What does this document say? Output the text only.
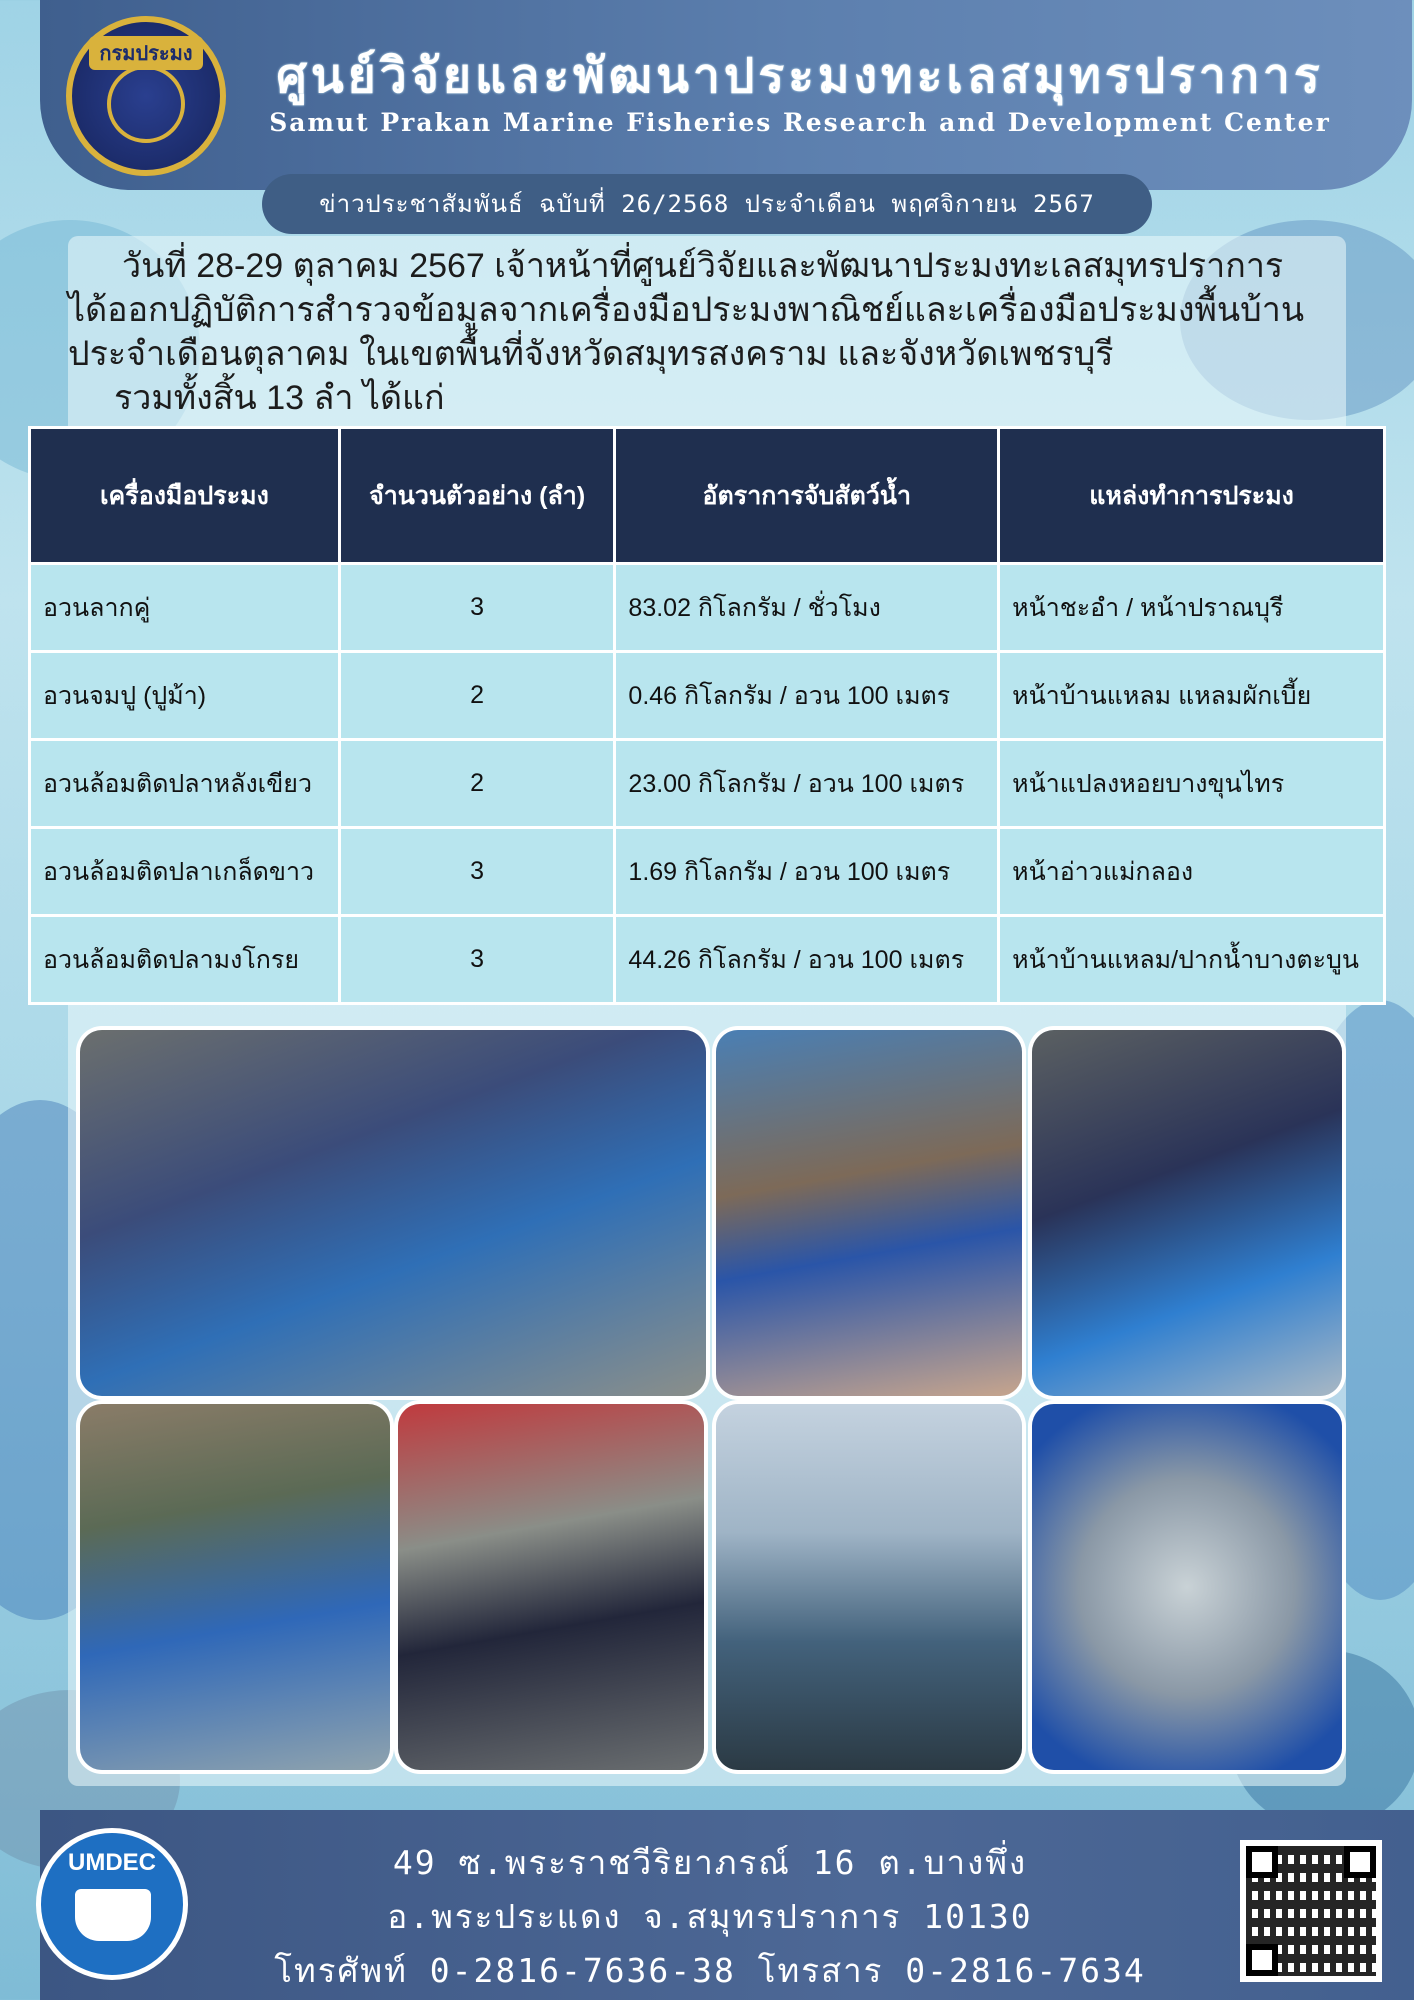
กรมประมง	ศูนย์วิจัยและพัฒนาประมงทะเลสมุทรปราการ
Samut Prakan Marine Fisheries Research and Development Center
ข่าวประชาสัมพันธ์ ฉบับที่ 26/2568 ประจำเดือน พฤศจิกายน 2567
วันที่ 28-29 ตุลาคม 2567 เจ้าหน้าที่ศูนย์วิจัยและพัฒนาประมงทะเลสมุทรปราการ
ได้ออกปฏิบัติการสำรวจข้อมูลจากเครื่องมือประมงพาณิชย์และเครื่องมือประมงพื้นบ้าน
ประจำเดือนตุลาคม ในเขตพื้นที่จังหวัดสมุทรสงคราม และจังหวัดเพชรบุรี
รวมทั้งสิ้น 13 ลำ ได้แก่
เครื่องมือประมง	จำนวนตัวอย่าง (ลำ)	อัตราการจับสัตว์น้ำ	แหล่งทำการประมง
อวนลากคู่	3	83.02 กิโลกรัม / ชั่วโมง	หน้าชะอำ / หน้าปราณบุรี
อวนจมปู (ปูม้า)	2	0.46 กิโลกรัม / อวน 100 เมตร	หน้าบ้านแหลม แหลมผักเบี้ย
อวนล้อมติดปลาหลังเขียว	2	23.00 กิโลกรัม / อวน 100 เมตร	หน้าแปลงหอยบางขุนไทร
อวนล้อมติดปลาเกล็ดขาว	3	1.69 กิโลกรัม / อวน 100 เมตร	หน้าอ่าวแม่กลอง
อวนล้อมติดปลามงโกรย	3	44.26 กิโลกรัม / อวน 100 เมตร	หน้าบ้านแหลม/ปากน้ำบางตะบูน
UMDEC	49 ซ.พระราชวีริยาภรณ์ 16 ต.บางพึ่ง
อ.พระประแดง จ.สมุทรปราการ 10130
โทรศัพท์ 0-2816-7636-38 โทรสาร 0-2816-7634
